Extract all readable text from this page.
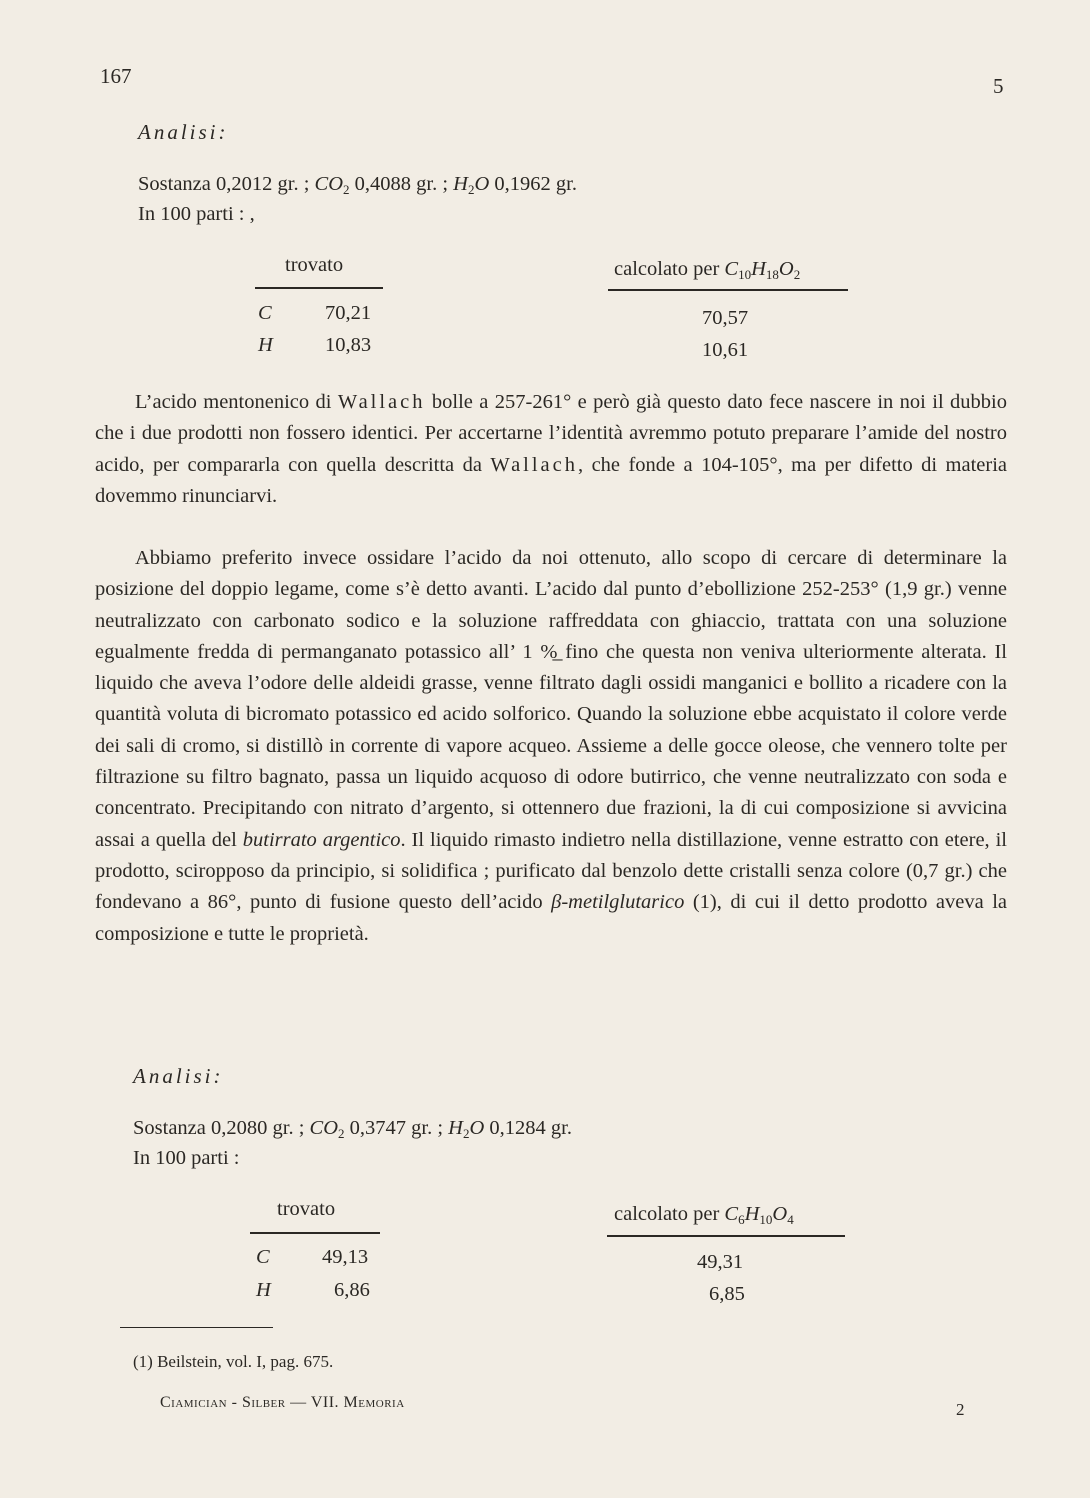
167	5
Analisi:
Sostanza 0,2012 gr. ; $CO_2$ 0,4088 gr. ; $H_2O$ 0,1962 gr.
In 100 parti : ,
trovato	calcolato per $C_{10}H_{18}O_2$
C	70,21	70,57
H	10,83	10,61

L’acido mentonenico di Wallach bolle a 257-261° e però già questo dato fece nascere in noi il dubbio che i due prodotti non fossero identici. Per accertarne l’identità avremmo potuto preparare l’amide del nostro acido, per compararla con quella descritta da Wallach, che fonde a 104-105°, ma per difetto di materia dovemmo rinunciarvi.

Abbiamo preferito invece ossidare l’acido da noi ottenuto, allo scopo di cercare di determinare la posizione del doppio legame, come s’è detto avanti. L’acido dal punto d’ebollizione 252-253° (1,9 gr.) venne neutralizzato con carbonato sodico e la soluzione raffreddata con ghiaccio, trattata con una soluzione egualmente fredda di permanganato potassico all’ 1 %̲ fino che questa non veniva ulteriormente alterata. Il liquido che aveva l’odore delle aldeidi grasse, venne filtrato dagli ossidi manganici e bollito a ricadere con la quantità voluta di bicromato potassico ed acido solforico. Quando la soluzione ebbe acquistato il colore verde dei sali di cromo, si distillò in corrente di vapore acqueo. Assieme a delle gocce oleose, che vennero tolte per filtrazione su filtro bagnato, passa un liquido acquoso di odore butirrico, che venne neutralizzato con soda e concentrato. Precipitando con nitrato d’argento, si ottennero due frazioni, la di cui composizione si avvicina assai a quella del butirrato argentico. Il liquido rimasto indietro nella distillazione, venne estratto con etere, il prodotto, sciropposo da principio, si solidifica ; purificato dal benzolo dette cristalli senza colore (0,7 gr.) che fondevano a 86°, punto di fusione questo dell’acido β-metilglutarico (1), di cui il detto prodotto aveva la composizione e tutte le proprietà.

Analisi:
Sostanza 0,2080 gr. ; $CO_2$ 0,3747 gr. ; $H_2O$ 0,1284 gr.
In 100 parti :
trovato	calcolato per $C_6H_{10}O_4$
C	49,13	49,31
H	6,86	6,85
(1) Beilstein, vol. I, pag. 675.
Ciamician - Silber — VII. Memoria	2
